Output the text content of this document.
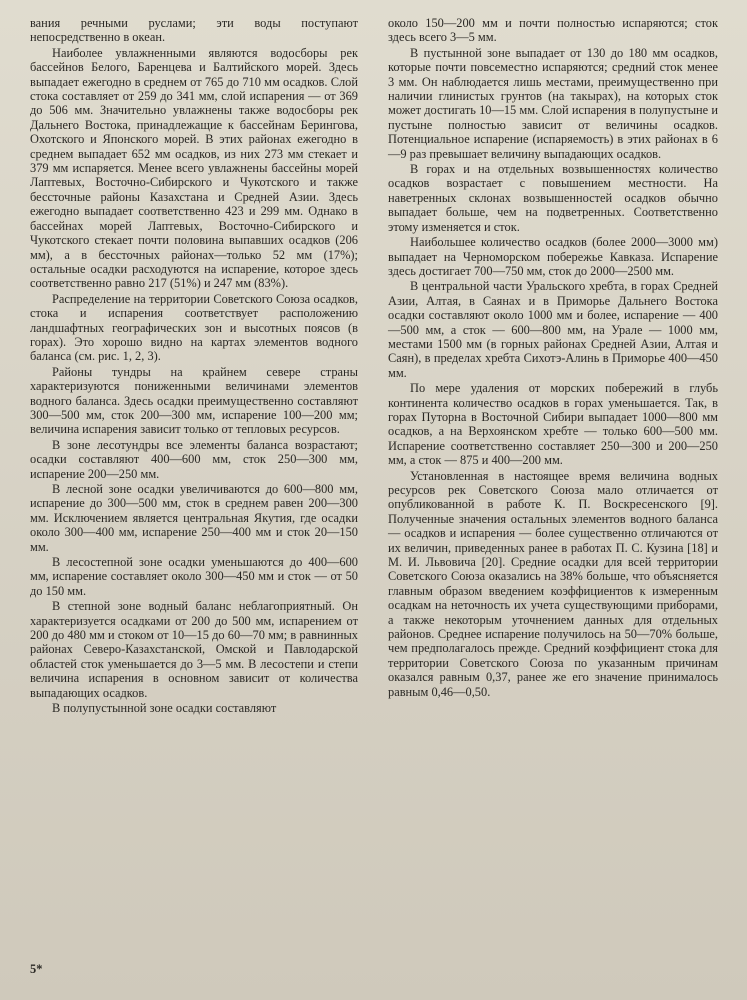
вания речными руслами; эти воды поступают непосредственно в океан.

Наиболее увлажненными являются водосборы рек бассейнов Белого, Баренцева и Балтийского морей. Здесь выпадает ежегодно в среднем от 765 до 710 мм осадков. Слой стока составляет от 259 до 341 мм, слой испарения — от 369 до 506 мм. Значительно увлажнены также водосборы рек Дальнего Востока, принадлежащие к бассейнам Берингова, Охотского и Японского морей. В этих районах ежегодно в среднем выпадает 652 мм осадков, из них 273 мм стекает и 379 мм испаряется. Менее всего увлажнены бассейны морей Лаптевых, Восточно-Сибирского и Чукотского и также бессточные районы Казахстана и Средней Азии. Здесь ежегодно выпадает соответственно 423 и 299 мм. Однако в бассейнах морей Лаптевых, Восточно-Сибирского и Чукотского стекает почти половина выпавших осадков (206 мм), а в бессточных районах—только 52 мм (17%); остальные осадки расходуются на испарение, которое здесь соответственно равно 217 (51%) и 247 мм (83%).

Распределение на территории Советского Союза осадков, стока и испарения соответствует расположению ландшафтных географических зон и высотных поясов (в горах). Это хорошо видно на картах элементов водного баланса (см. рис. 1, 2, 3).

Районы тундры на крайнем севере страны характеризуются пониженными величинами элементов водного баланса. Здесь осадки преимущественно составляют 300—500 мм, сток 200—300 мм, испарение 100—200 мм; величина испарения зависит только от тепловых ресурсов.

В зоне лесотундры все элементы баланса возрастают; осадки составляют 400—600 мм, сток 250—300 мм, испарение 200—250 мм.

В лесной зоне осадки увеличиваются до 600—800 мм, испарение до 300—500 мм, сток в среднем равен 200—300 мм. Исключением является центральная Якутия, где осадки около 300—400 мм, испарение 250—400 мм и сток 20—150 мм.

В лесостепной зоне осадки уменьшаются до 400—600 мм, испарение составляет около 300—450 мм и сток — от 50 до 150 мм.

В степной зоне водный баланс неблагоприятный. Он характеризуется осадками от 200 до 500 мм, испарением от 200 до 480 мм и стоком от 10—15 до 60—70 мм; в равнинных районах Северо-Казахстанской, Омской и Павлодарской областей сток уменьшается до 3—5 мм. В лесостепи и степи величина испарения в основном зависит от количества выпадающих осадков.

В полупустынной зоне осадки составляют

около 150—200 мм и почти полностью испаряются; сток здесь всего 3—5 мм.

В пустынной зоне выпадает от 130 до 180 мм осадков, которые почти повсеместно испаряются; средний сток менее 3 мм. Он наблюдается лишь местами, преимущественно при наличии глинистых грунтов (на такырах), на которых сток может достигать 10—15 мм. Слой испарения в полупустыне и пустыне полностью зависит от величины осадков. Потенциальное испарение (испаряемость) в этих районах в 6—9 раз превышает величину выпадающих осадков.

В горах и на отдельных возвышенностях количество осадков возрастает с повышением местности. На наветренных склонах возвышенностей осадков обычно выпадает больше, чем на подветренных. Соответственно этому изменяется и сток.

Наибольшее количество осадков (более 2000—3000 мм) выпадает на Черноморском побережье Кавказа. Испарение здесь достигает 700—750 мм, сток до 2000—2500 мм.

В центральной части Уральского хребта, в горах Средней Азии, Алтая, в Саянах и в Приморье Дальнего Востока осадки составляют около 1000 мм и более, испарение — 400—500 мм, а сток — 600—800 мм, на Урале — 1000 мм, местами 1500 мм (в горных районах Средней Азии, Алтая и Саян), в пределах хребта Сихотэ-Алинь в Приморье 400—450 мм.

По мере удаления от морских побережий в глубь континента количество осадков в горах уменьшается. Так, в горах Путорна в Восточной Сибири выпадает 1000—800 мм осадков, а на Верхоянском хребте — только 600—500 мм. Испарение соответственно составляет 250—300 и 200—250 мм, а сток — 875 и 400—200 мм.

Установленная в настоящее время величина водных ресурсов рек Советского Союза мало отличается от опубликованной в работе К. П. Воскресенского [9]. Полученные значения остальных элементов водного баланса — осадков и испарения — более существенно отличаются от их величин, приведенных ранее в работах П. С. Кузина [18] и М. И. Львовича [20]. Средние осадки для всей территории Советского Союза оказались на 38% больше, что объясняется главным образом введением коэффициентов к измеренным осадкам на неточность их учета существующими приборами, а также некоторым уточнением данных для отдельных районов. Среднее испарение получилось на 50—70% больше, чем предполагалось прежде. Средний коэффициент стока для территории Советского Союза по указанным причинам оказался равным 0,37, ранее же его значение принималось равным 0,46—0,50.

5*
